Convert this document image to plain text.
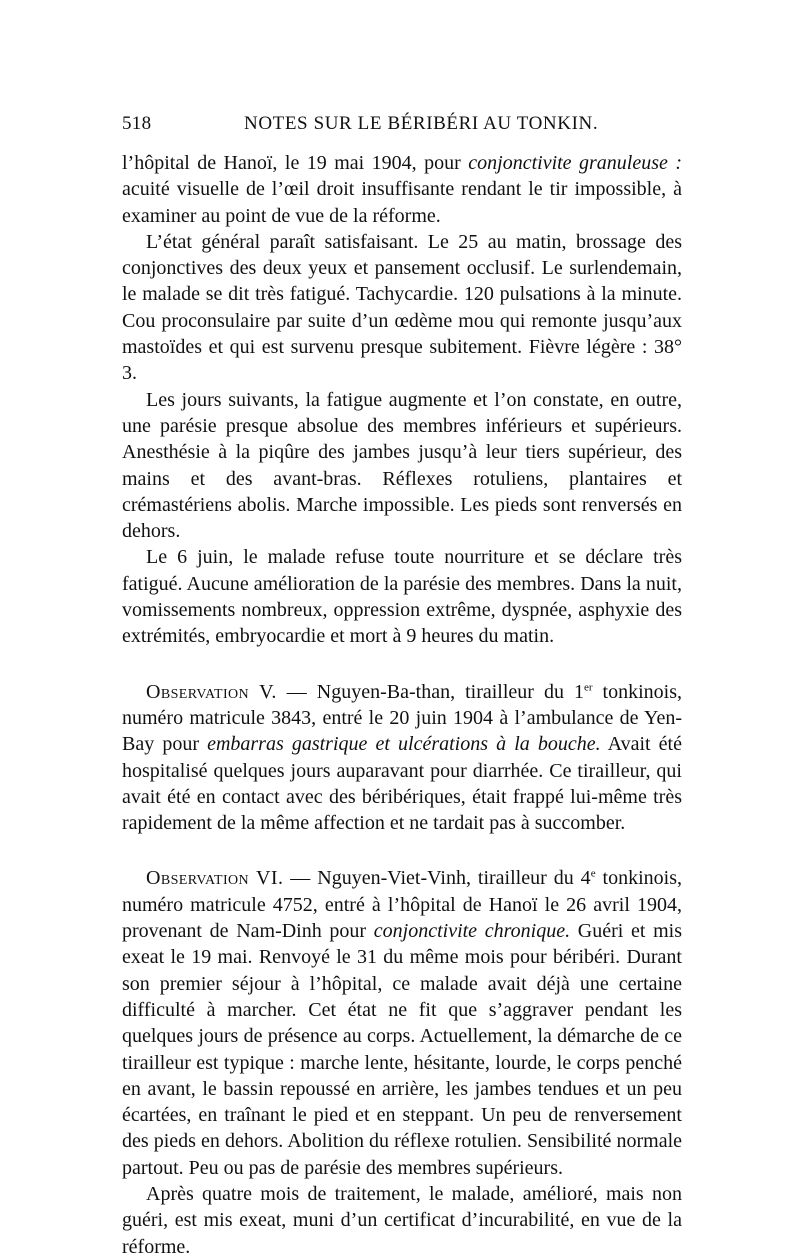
518	NOTES SUR LE BÉRIBÉRI AU TONKIN.

l’hôpital de Hanoï, le 19 mai 1904, pour conjonctivite granuleuse : acuité visuelle de l’œil droit insuffisante rendant le tir impossible, à examiner au point de vue de la réforme.

L’état général paraît satisfaisant. Le 25 au matin, brossage des conjonctives des deux yeux et pansement occlusif. Le surlendemain, le malade se dit très fatigué. Tachycardie. 120 pulsations à la minute. Cou proconsulaire par suite d’un œdème mou qui remonte jusqu’aux mastoïdes et qui est survenu presque subitement. Fièvre légère : 38° 3.

Les jours suivants, la fatigue augmente et l’on constate, en outre, une parésie presque absolue des membres inférieurs et supérieurs. Anesthésie à la piqûre des jambes jusqu’à leur tiers supérieur, des mains et des avant-bras. Réflexes rotuliens, plantaires et crémastériens abolis. Marche impossible. Les pieds sont renversés en dehors.

Le 6 juin, le malade refuse toute nourriture et se déclare très fatigué. Aucune amélioration de la parésie des membres. Dans la nuit, vomissements nombreux, oppression extrême, dyspnée, asphyxie des extrémités, embryocardie et mort à 9 heures du matin.

Observation V. — Nguyen-Ba-than, tirailleur du 1er tonkinois, numéro matricule 3843, entré le 20 juin 1904 à l’ambulance de Yen-Bay pour embarras gastrique et ulcérations à la bouche. Avait été hospitalisé quelques jours auparavant pour diarrhée. Ce tirailleur, qui avait été en contact avec des béribériques, était frappé lui-même très rapidement de la même affection et ne tardait pas à succomber.

Observation VI. — Nguyen-Viet-Vinh, tirailleur du 4e tonkinois, numéro matricule 4752, entré à l’hôpital de Hanoï le 26 avril 1904, provenant de Nam-Dinh pour conjonctivite chronique. Guéri et mis exeat le 19 mai. Renvoyé le 31 du même mois pour béribéri. Durant son premier séjour à l’hôpital, ce malade avait déjà une certaine difficulté à marcher. Cet état ne fit que s’aggraver pendant les quelques jours de présence au corps. Actuellement, la démarche de ce tirailleur est typique : marche lente, hésitante, lourde, le corps penché en avant, le bassin repoussé en arrière, les jambes tendues et un peu écartées, en traînant le pied et en steppant. Un peu de renversement des pieds en dehors. Abolition du réflexe rotulien. Sensibilité normale partout. Peu ou pas de parésie des membres supérieurs.

Après quatre mois de traitement, le malade, amélioré, mais non guéri, est mis exeat, muni d’un certificat d’incurabilité, en vue de la réforme.
